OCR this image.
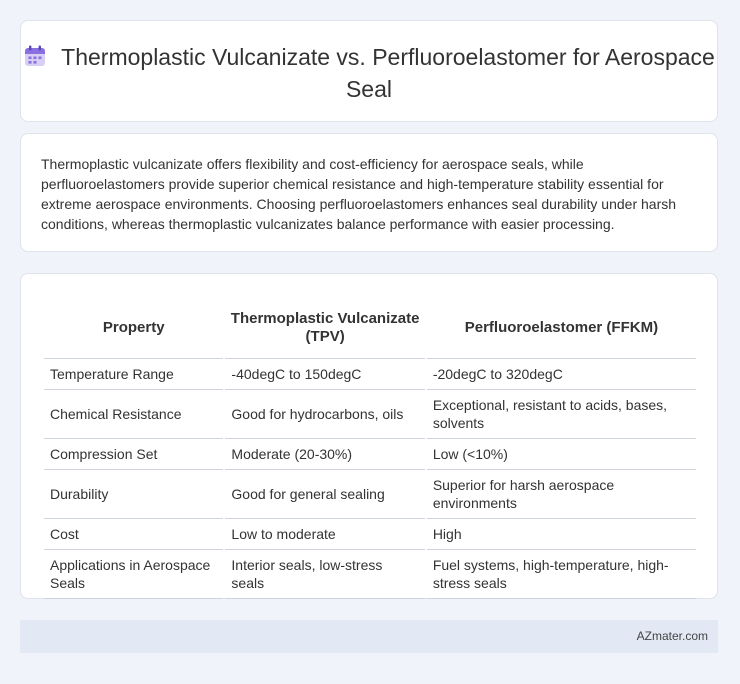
Thermoplastic Vulcanizate vs. Perfluoroelastomer for Aerospace Seal

Thermoplastic vulcanizate offers flexibility and cost-efficiency for aerospace seals, while perfluoroelastomers provide superior chemical resistance and high-temperature stability essential for extreme aerospace environments. Choosing perfluoroelastomers enhances seal durability under harsh conditions, whereas thermoplastic vulcanizates balance performance with easier processing.

Property	Thermoplastic Vulcanizate (TPV)	Perfluoroelastomer (FFKM)
Temperature Range	-40degC to 150degC	-20degC to 320degC
Chemical Resistance	Good for hydrocarbons, oils	Exceptional, resistant to acids, bases, solvents
Compression Set	Moderate (20-30%)	Low (<10%)
Durability	Good for general sealing	Superior for harsh aerospace environments
Cost	Low to moderate	High
Applications in Aerospace Seals	Interior seals, low-stress seals	Fuel systems, high-temperature, high-stress seals
AZmater.com
